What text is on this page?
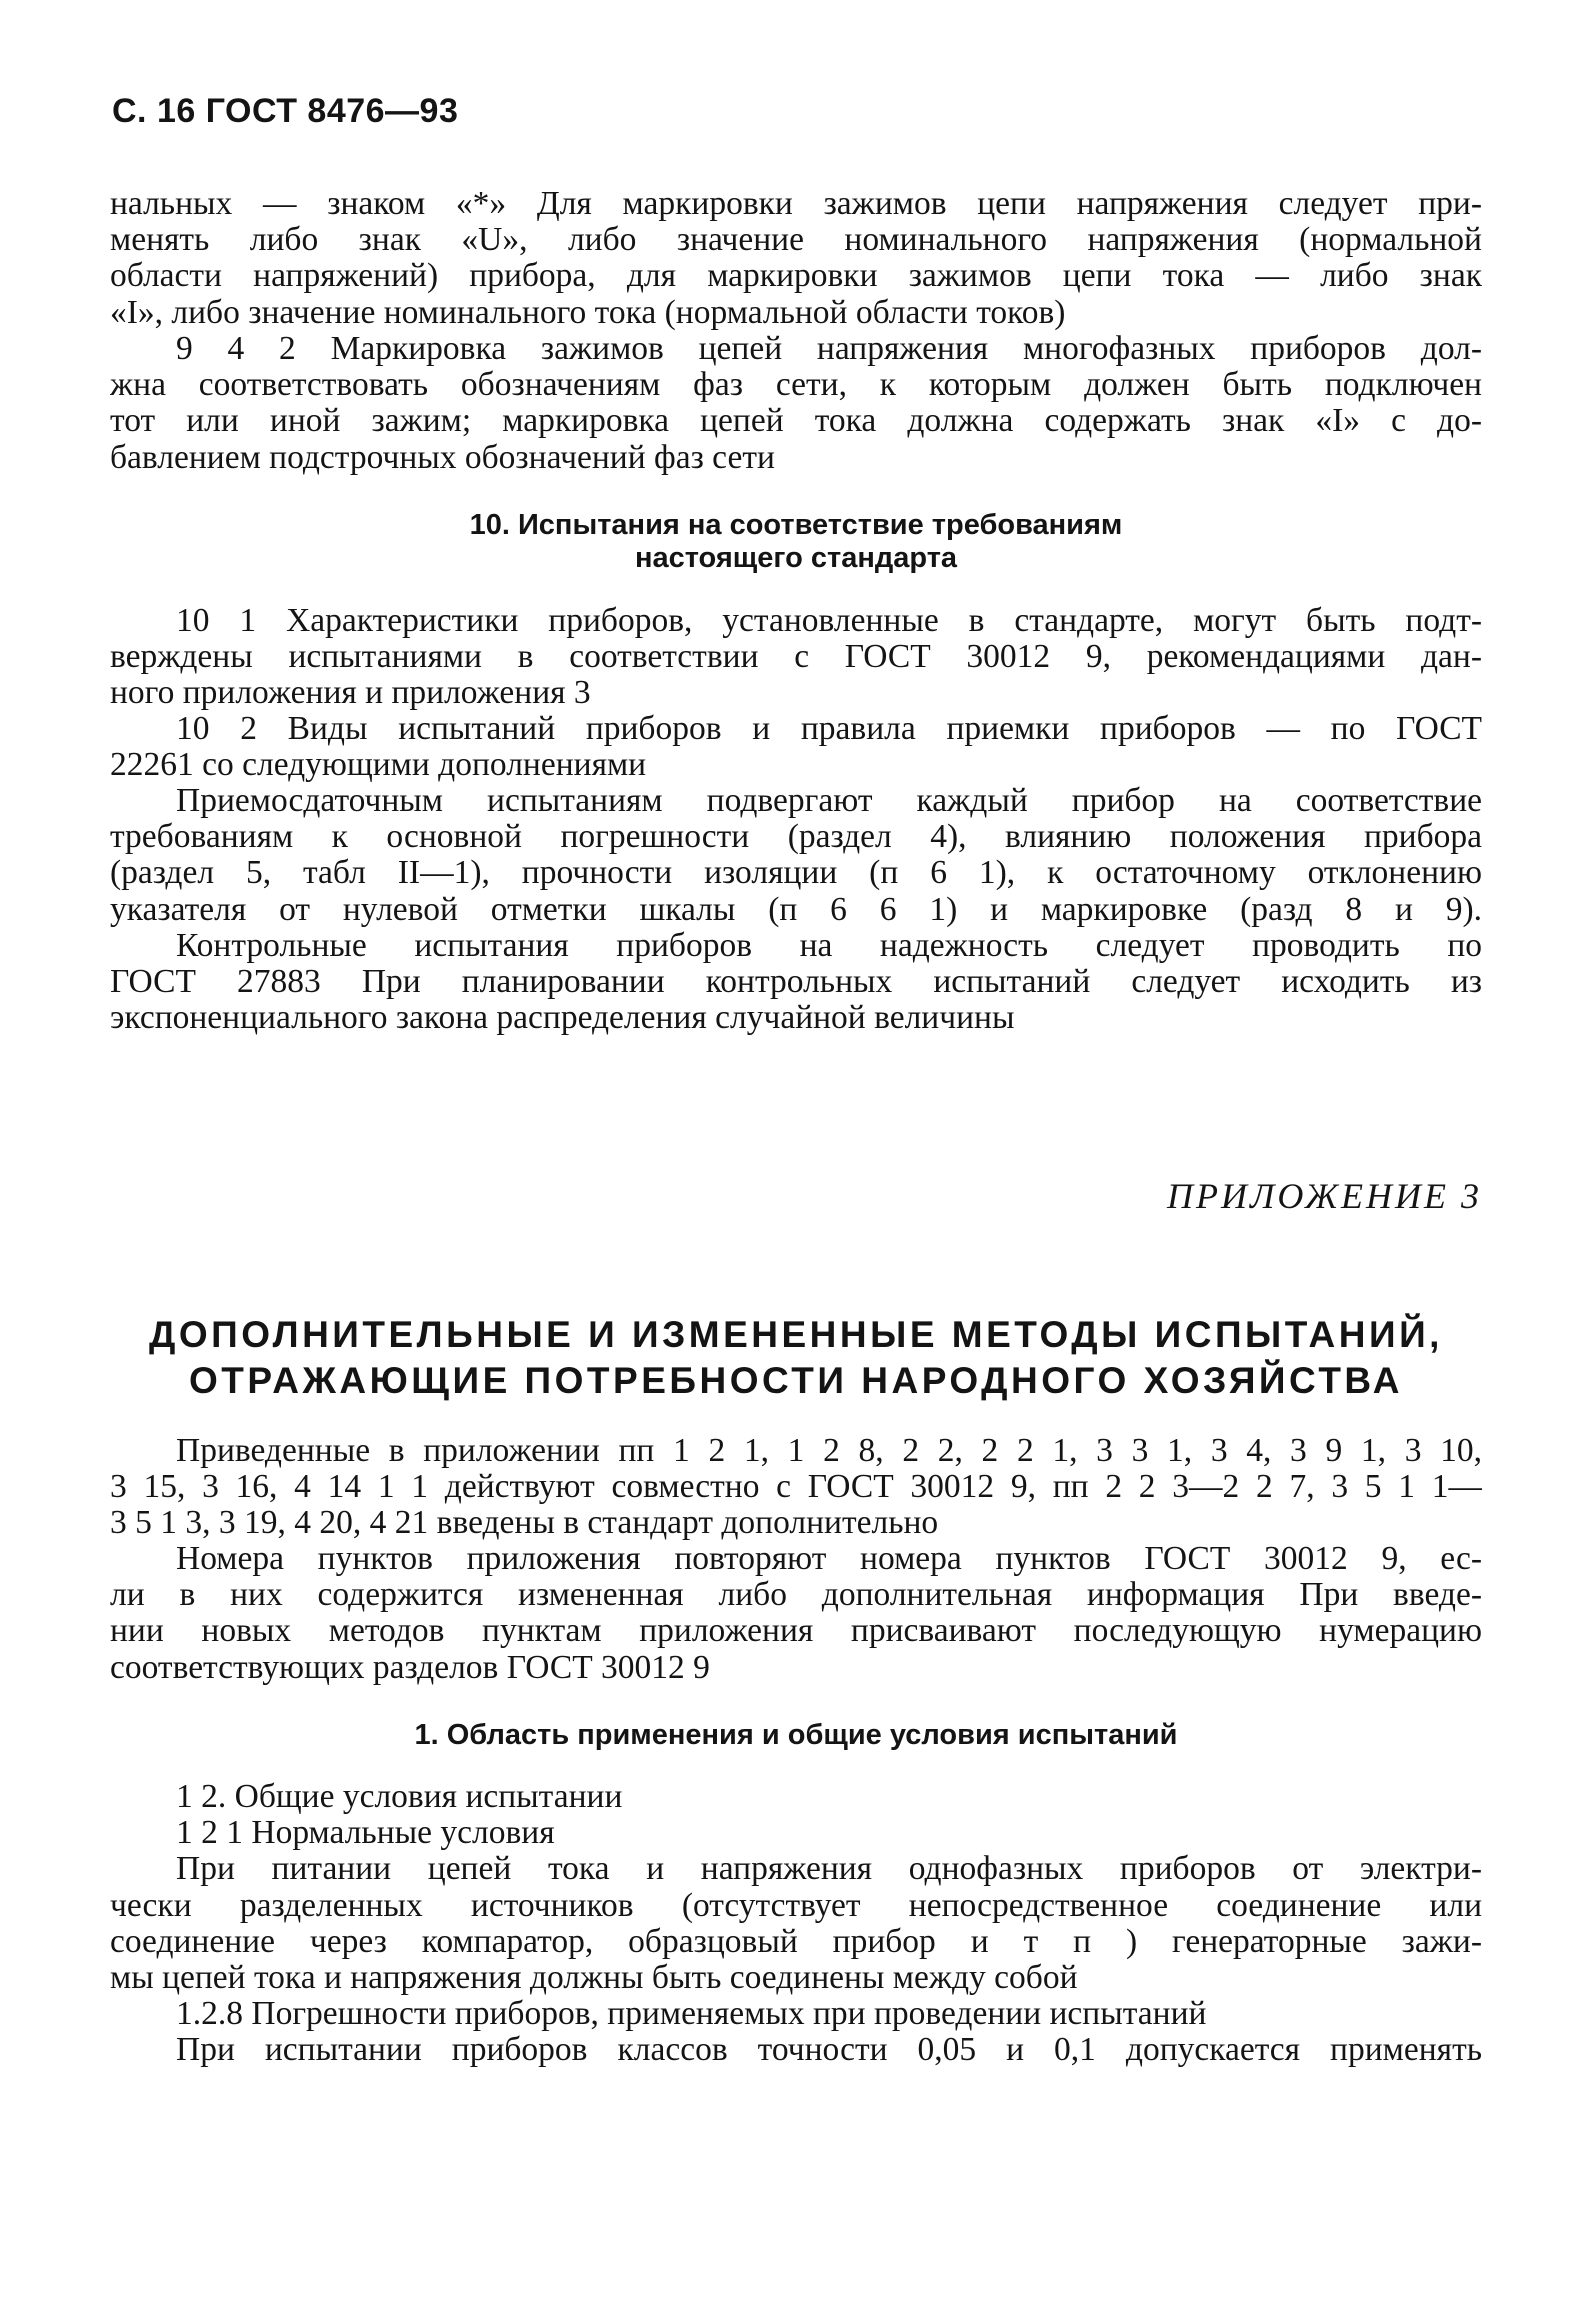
С. 16 ГОСТ 8476—93

нальных — знаком «*» Для маркировки зажимов цепи напряжения следует при-

менять либо знак «U», либо значение номинального напряжения (нормальной

области напряжений) прибора, для маркировки зажимов цепи тока — либо знак

«I», либо значение номинального тока (нормальной области токов)

9 4 2 Маркировка зажимов цепей напряжения многофазных приборов дол-

жна соответствовать обозначениям фаз сети, к которым должен быть подключен

тот или иной зажим; маркировка цепей тока должна содержать знак «I» с до-

бавлением подстрочных обозначений фаз сети

10. Испытания на соответствие требованиям
настоящего стандарта

10 1 Характеристики приборов, установленные в стандарте, могут быть подт-

верждены испытаниями в соответствии с ГОСТ 30012 9, рекомендациями дан-

ного приложения и приложения 3

10 2 Виды испытаний приборов и правила приемки приборов — по ГОСТ

22261 со следующими дополнениями

Приемосдаточным испытаниям подвергают каждый прибор на соответствие

требованиям к основной погрешности (раздел 4), влиянию положения прибора

(раздел 5, табл II—1), прочности изоляции (п 6 1), к остаточному отклонению

указателя от нулевой отметки шкалы (п 6 6 1) и маркировке (разд 8 и 9).

Контрольные испытания приборов на надежность следует проводить по

ГОСТ 27883 При планировании контрольных испытаний следует исходить из

экспоненциального закона распределения случайной величины

ПРИЛОЖЕНИЕ 3
ДОПОЛНИТЕЛЬНЫЕ И ИЗМЕНЕННЫЕ МЕТОДЫ ИСПЫТАНИЙ,
ОТРАЖАЮЩИЕ ПОТРЕБНОСТИ НАРОДНОГО ХОЗЯЙСТВА

Приведенные в приложении пп 1 2 1, 1 2 8, 2 2, 2 2 1, 3 3 1, 3 4, 3 9 1, 3 10,

3 15, 3 16, 4 14 1 1 действуют совместно с ГОСТ 30012 9, пп 2 2 3—2 2 7, 3 5 1 1—

3 5 1 3, 3 19, 4 20, 4 21 введены в стандарт дополнительно

Номера пунктов приложения повторяют номера пунктов ГОСТ 30012 9, ес-

ли в них содержится измененная либо дополнительная информация При введе-

нии новых методов пунктам приложения присваивают последующую нумерацию

соответствующих разделов ГОСТ 30012 9

1. Область применения и общие условия испытаний

1 2. Общие условия испытании

1 2 1 Нормальные условия

При питании цепей тока и напряжения однофазных приборов от электри-

чески разделенных источников (отсутствует непосредственное соединение или

соединение через компаратор, образцовый прибор и т п ) генераторные зажи-

мы цепей тока и напряжения должны быть соединены между собой

1.2.8 Погрешности приборов, применяемых при проведении испытаний

При испытании приборов классов точности 0,05 и 0,1 допускается применять
